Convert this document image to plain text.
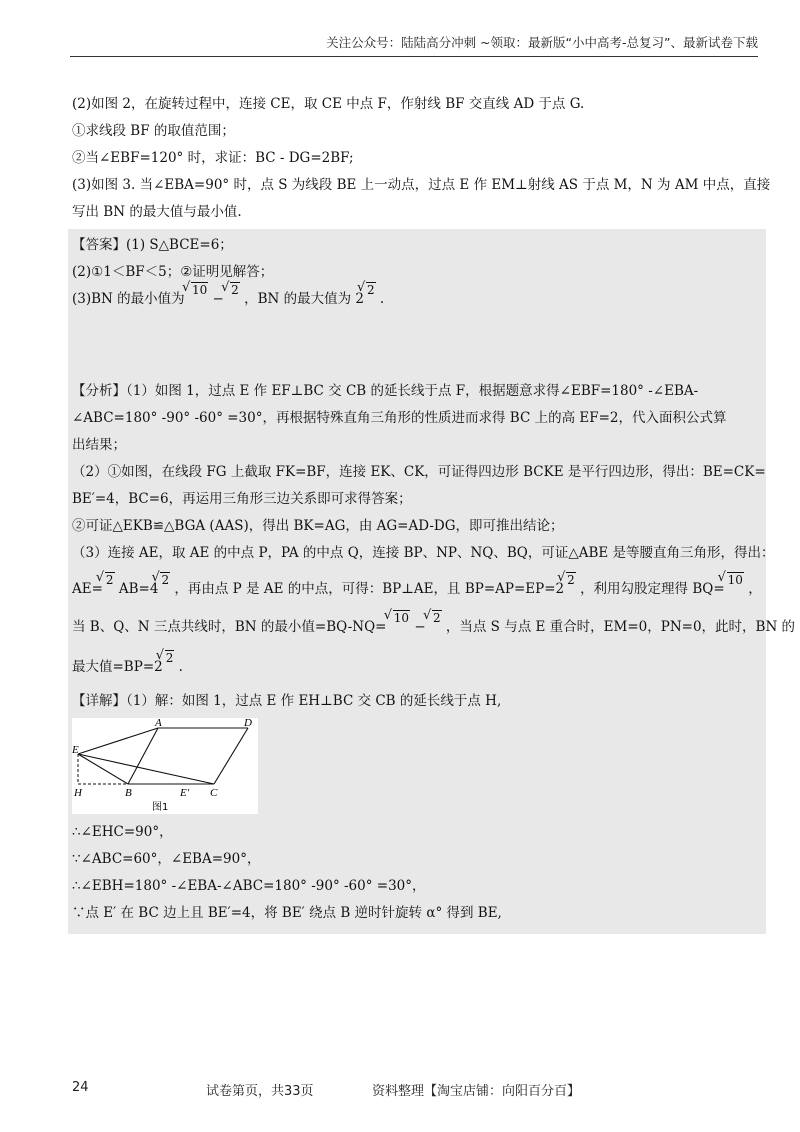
关注公众号：陆陆高分冲刺 ~领取：最新版“小中高考-总复习”、最新试卷下载
(2)如图 2，在旋转过程中，连接 CE，取 CE 中点 F，作射线 BF 交直线 AD 于点 G.
①求线段 BF 的取值范围；
②当∠EBF=120° 时，求证：BC - DG=2BF;
(3)如图 3. 当∠EBA=90° 时，点 S 为线段 BE 上一动点，过点 E 作 EM⊥射线 AS 于点 M，N 为 AM 中点，直接
写出 BN 的最大值与最小值.
【答案】(1) S△BCE=6；
(2)①1＜BF＜5；②证明见解答；
(3)BN 的最小值为 √ 10 − √ 2 ，BN 的最大值为 2√ 2 .
【分析】（1）如图 1，过点 E 作 EF⊥BC 交 CB 的延长线于点 F，根据题意求得∠EBF=180° -∠EBA-
∠ABC=180° -90° -60° =30°，再根据特殊直角三角形的性质进而求得 BC 上的高 EF=2，代入面积公式算
出结果；
（2）①如图，在线段 FG 上截取 FK=BF，连接 EK、CK，可证得四边形 BCKE 是平行四边形，得出：BE=CK=
BE′=4，BC=6，再运用三角形三边关系即可求得答案；
②可证△EKB≌△BGA (AAS)，得出 BK=AG，由 AG=AD-DG，即可推出结论；
（3）连接 AE，取 AE 的中点 P，PA 的中点 Q，连接 BP、NP、NQ、BQ，可证△ABE 是等腰直角三角形，得出：
AE=√ 2 AB=4√ 2 ，再由点 P 是 AE 的中点，可得：BP⊥AE，且 BP=AP=EP=2√ 2 ，利用勾股定理得 BQ=√ 10 ，
当 B、Q、N 三点共线时，BN 的最小值=BQ-NQ= √ 10 − √ 2 ，当点 S 与点 E 重合时，EM=0，PN=0，此时，BN 的
最大值=BP=2√ 2 .
【详解】（1）解：如图 1，过点 E 作 EH⊥BC 交 CB 的延长线于点 H,
A	D
E
H	B	E′ C
图1
∴∠EHC=90°，
∵∠ABC=60°，∠EBA=90°，
∴∠EBH=180° -∠EBA-∠ABC=180° -90° -60° =30°，
∵点 E′ 在 BC 边上且 BE′=4，将 BE′ 绕点 B 逆时针旋转 α° 得到 BE,
24	试卷第页，共33页	资料整理【淘宝店铺：向阳百分百】
